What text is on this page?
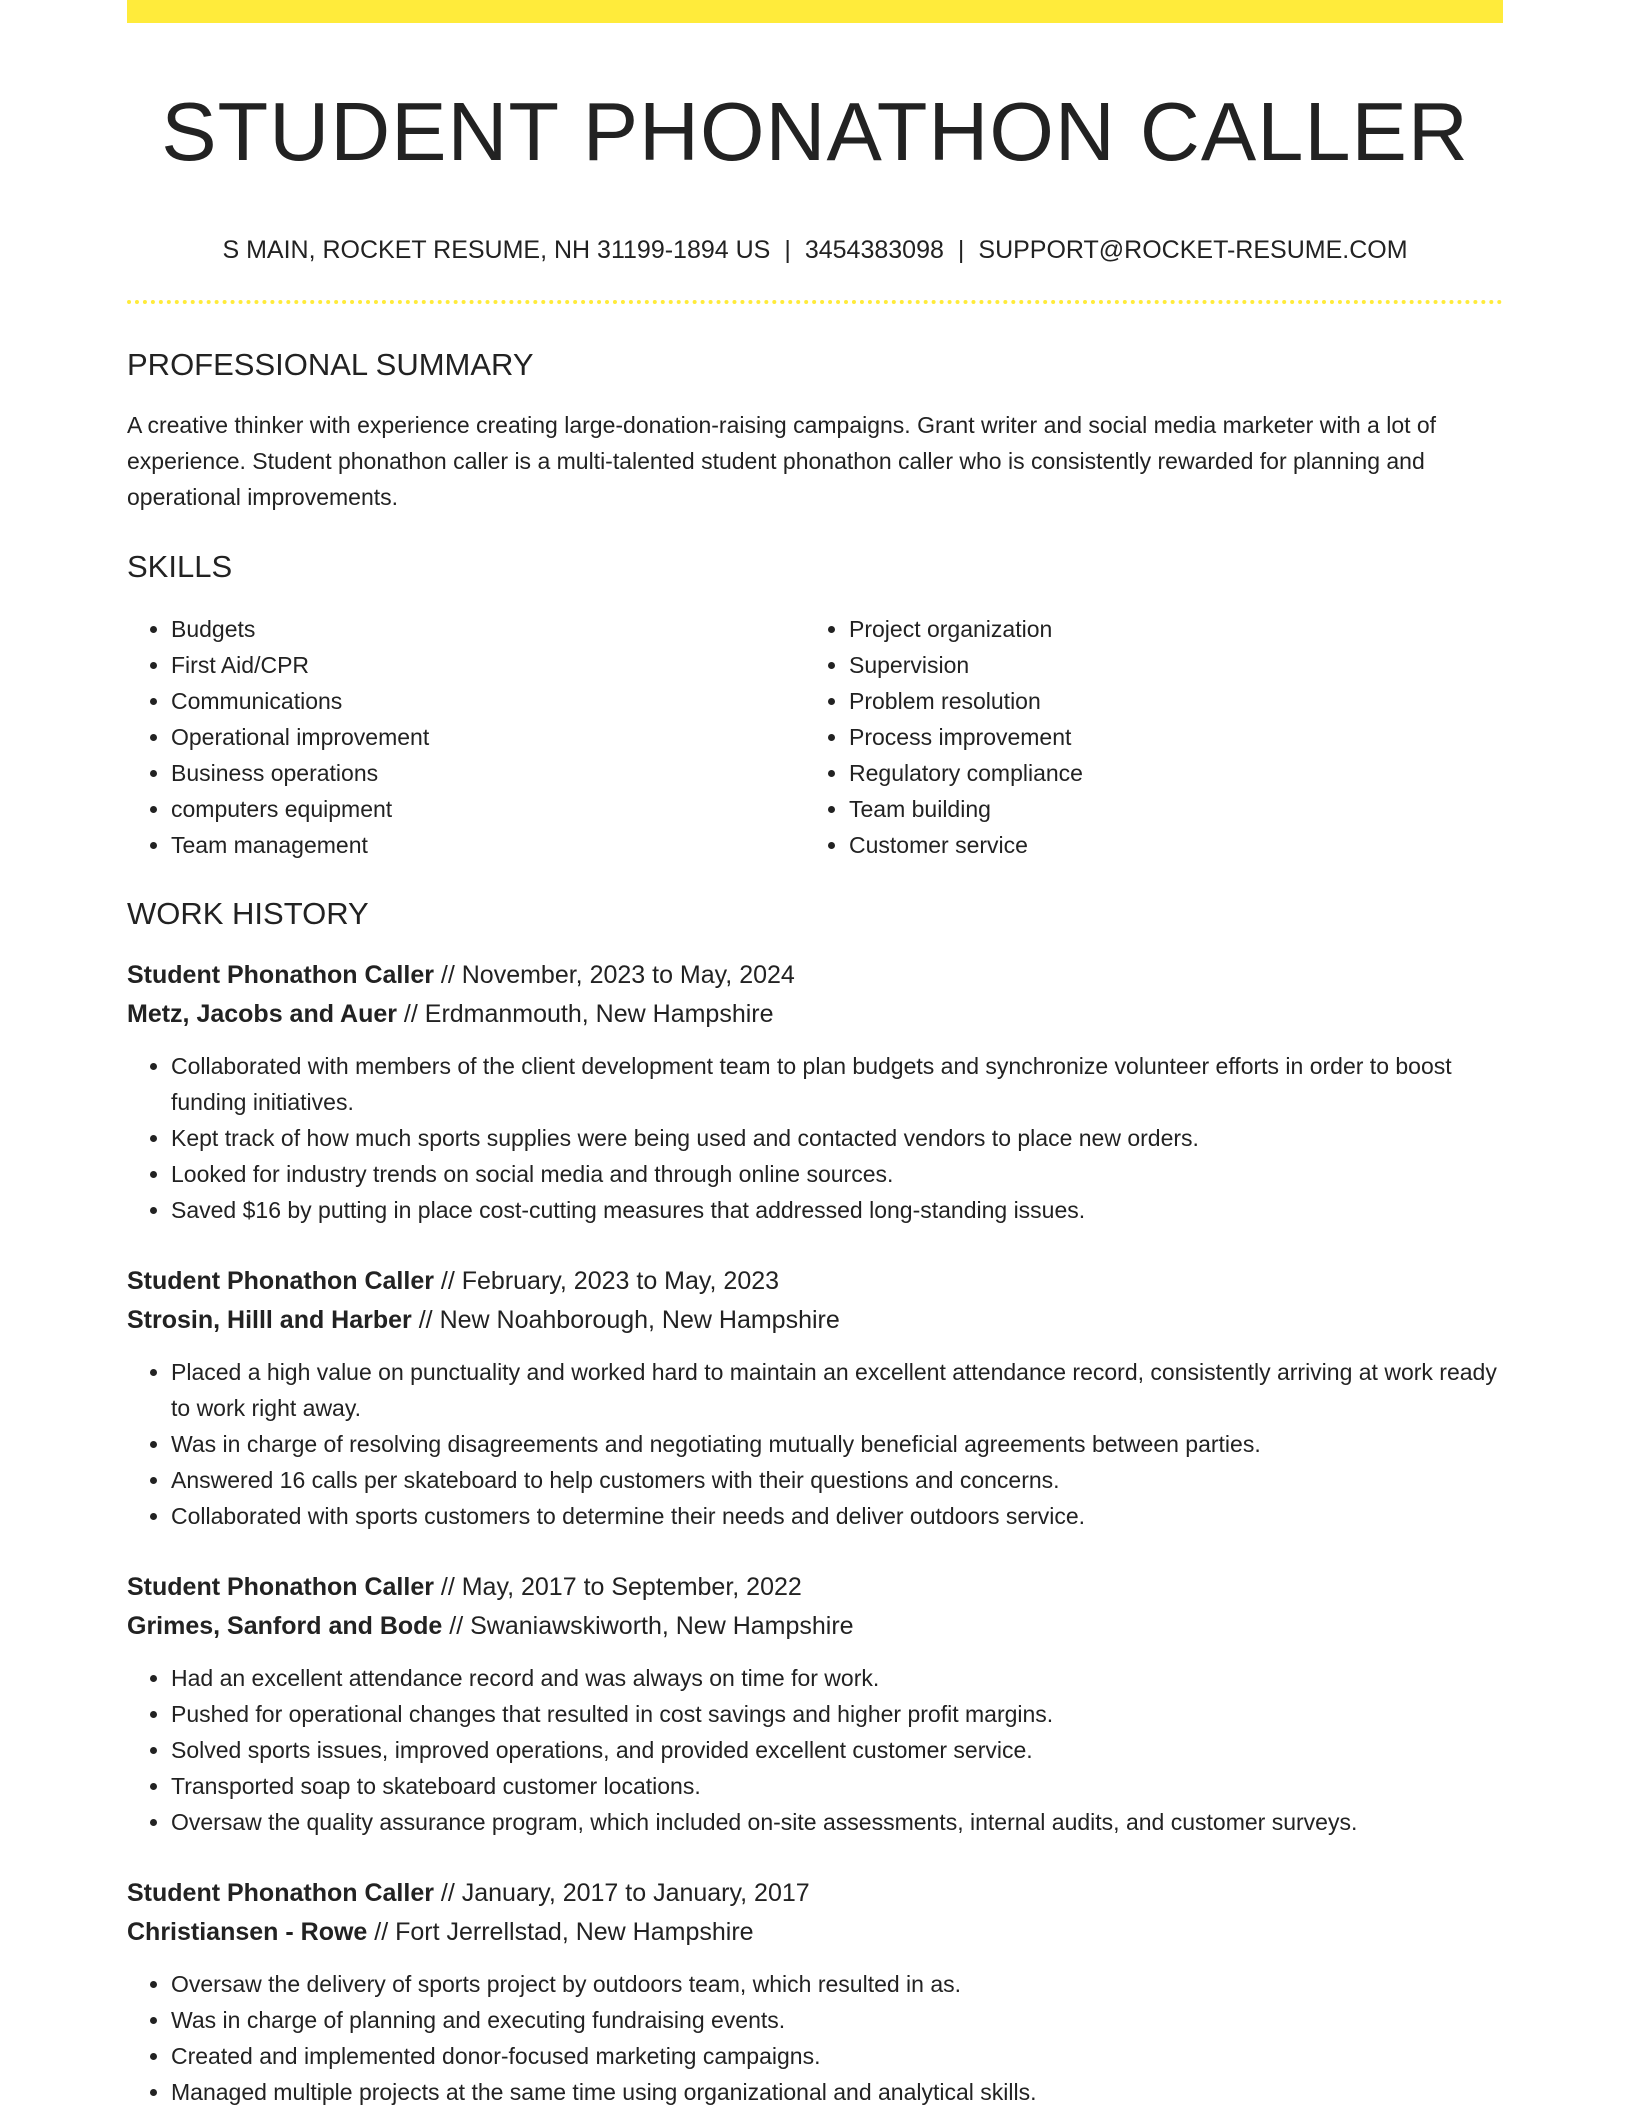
STUDENT PHONATHON CALLER
S MAIN, ROCKET RESUME, NH 31199-1894 US | 3454383098 | SUPPORT@ROCKET-RESUME.COM
PROFESSIONAL SUMMARY
A creative thinker with experience creating large-donation-raising campaigns. Grant writer and social media marketer with a lot of experience. Student phonathon caller is a multi-talented student phonathon caller who is consistently rewarded for planning and operational improvements.
SKILLS
• Budgets
• First Aid/CPR
• Communications
• Operational improvement
• Business operations
• computers equipment
• Team management
• Project organization
• Supervision
• Problem resolution
• Process improvement
• Regulatory compliance
• Team building
• Customer service
WORK HISTORY
Student Phonathon Caller // November, 2023 to May, 2024
Metz, Jacobs and Auer // Erdmanmouth, New Hampshire
• Collaborated with members of the client development team to plan budgets and synchronize volunteer efforts in order to boost funding initiatives.
• Kept track of how much sports supplies were being used and contacted vendors to place new orders.
• Looked for industry trends on social media and through online sources.
• Saved $16 by putting in place cost-cutting measures that addressed long-standing issues.
Student Phonathon Caller // February, 2023 to May, 2023
Strosin, Hilll and Harber // New Noahborough, New Hampshire
• Placed a high value on punctuality and worked hard to maintain an excellent attendance record, consistently arriving at work ready to work right away.
• Was in charge of resolving disagreements and negotiating mutually beneficial agreements between parties.
• Answered 16 calls per skateboard to help customers with their questions and concerns.
• Collaborated with sports customers to determine their needs and deliver outdoors service.
Student Phonathon Caller // May, 2017 to September, 2022
Grimes, Sanford and Bode // Swaniawskiworth, New Hampshire
• Had an excellent attendance record and was always on time for work.
• Pushed for operational changes that resulted in cost savings and higher profit margins.
• Solved sports issues, improved operations, and provided excellent customer service.
• Transported soap to skateboard customer locations.
• Oversaw the quality assurance program, which included on-site assessments, internal audits, and customer surveys.
Student Phonathon Caller // January, 2017 to January, 2017
Christiansen - Rowe // Fort Jerrellstad, New Hampshire
• Oversaw the delivery of sports project by outdoors team, which resulted in as.
• Was in charge of planning and executing fundraising events.
• Created and implemented donor-focused marketing campaigns.
• Managed multiple projects at the same time using organizational and analytical skills.
